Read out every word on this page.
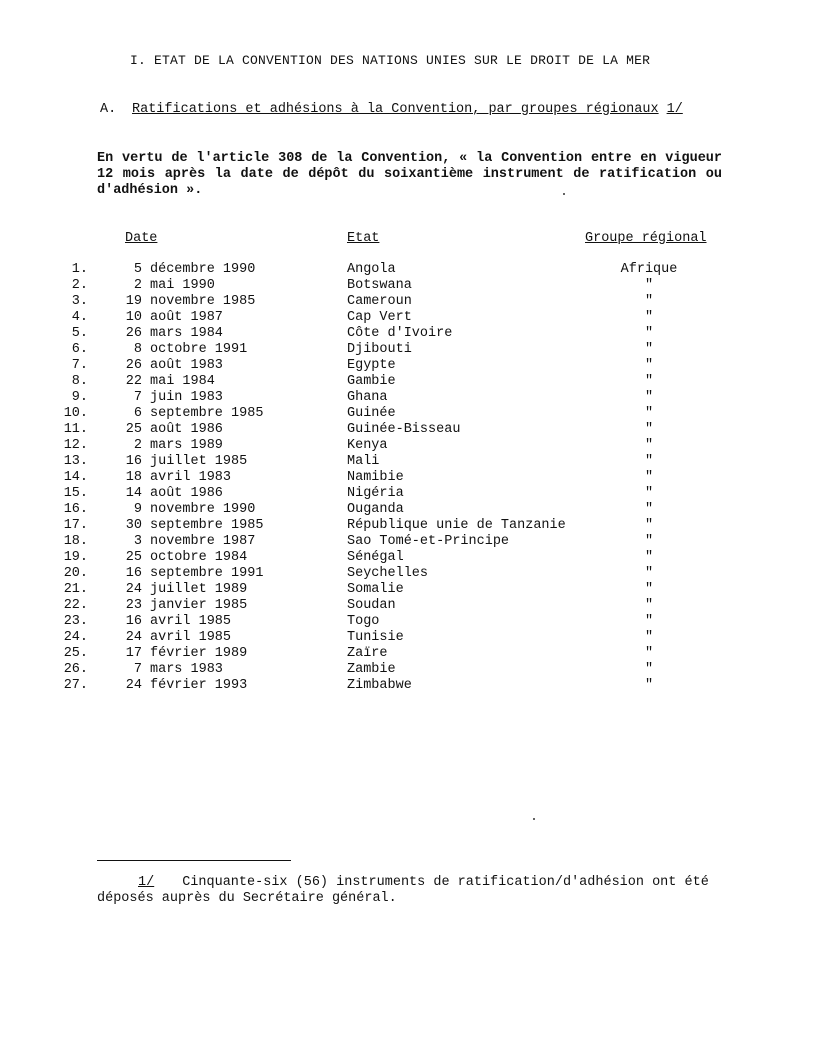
I. ETAT DE LA CONVENTION DES NATIONS UNIES SUR LE DROIT DE LA MER
A. Ratifications et adhésions à la Convention, par groupes régionaux 1/
En vertu de l'article 308 de la Convention, « la Convention entre en vigueur
12 mois après la date de dépôt du soixantième instrument de ratification ou
d'adhésion ».
Date	Etat	Groupe régional
1.	5 décembre 1990	Angola	Afrique
2.	2 mai 1990	Botswana	"
3.	19 novembre 1985	Cameroun	"
4.	10 août 1987	Cap Vert	"
5.	26 mars 1984	Côte d'Ivoire	"
6.	8 octobre 1991	Djibouti	"
7.	26 août 1983	Egypte	"
8.	22 mai 1984	Gambie	"
9.	7 juin 1983	Ghana	"
10.	6 septembre 1985	Guinée	"
11.	25 août 1986	Guinée-Bisseau	"
12.	2 mars 1989	Kenya	"
13.	16 juillet 1985	Mali	"
14.	18 avril 1983	Namibie	"
15.	14 août 1986	Nigéria	"
16.	9 novembre 1990	Ouganda	"
17.	30 septembre 1985	République unie de Tanzanie	"
18.	3 novembre 1987	Sao Tomé-et-Principe	"
19.	25 octobre 1984	Sénégal	"
20.	16 septembre 1991	Seychelles	"
21.	24 juillet 1989	Somalie	"
22.	23 janvier 1985	Soudan	"
23.	16 avril 1985	Togo	"
24.	24 avril 1985	Tunisie	"
25.	17 février 1989	Zaïre	"
26.	7 mars 1983	Zambie	"
27.	24 février 1993	Zimbabwe	"
1/ Cinquante-six (56) instruments de ratification/d'adhésion ont été
déposés auprès du Secrétaire général.
